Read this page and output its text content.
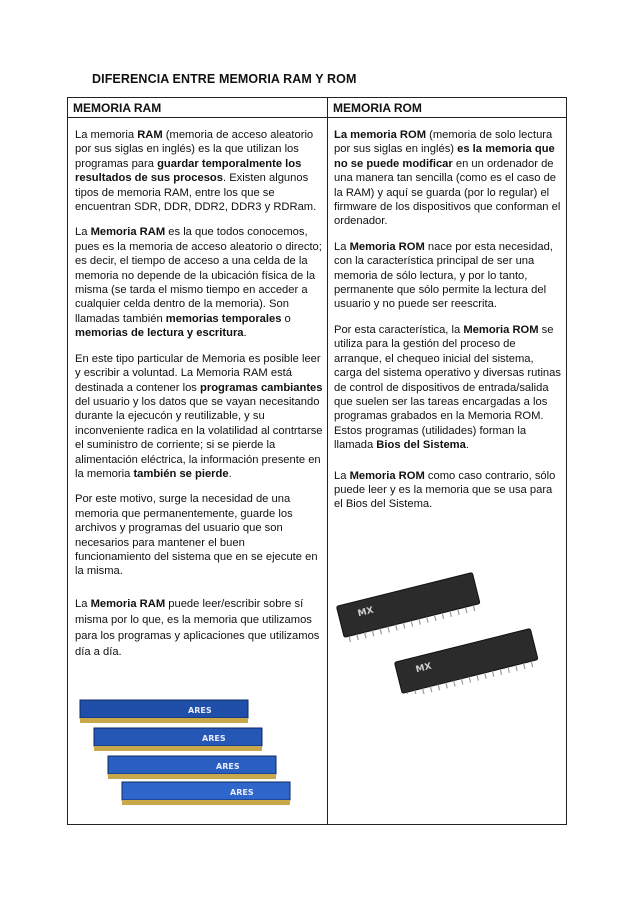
DIFERENCIA ENTRE MEMORIA RAM Y ROM
MEMORIA RAM	MEMORIA ROM

La memoria RAM (memoria de acceso aleatorio por sus siglas en inglés) es la que utilizan los programas para guardar temporalmente los resultados de sus procesos. Existen algunos tipos de memoria RAM, entre los que se encuentran SDR, DDR, DDR2, DDR3 y RDRam.

La Memoria RAM es la que todos conocemos, pues es la memoria de acceso aleatorio o directo; es decir, el tiempo de acceso a una celda de la memoria no depende de la ubicación física de la misma (se tarda el mismo tiempo en acceder a cualquier celda dentro de la memoria). Son llamadas también memorias temporales o memorias de lectura y escritura.

En este tipo particular de Memoria es posible leer y escribir a voluntad. La Memoria RAM está destinada a contener los programas cambiantes del usuario y los datos que se vayan necesitando durante la ejecucón y reutilizable, y su inconveniente radica en la volatilidad al contrtarse el suministro de corriente; si se pierde la alimentación eléctrica, la información presente en la memoria también se pierde.

Por este motivo, surge la necesidad de una memoria que permanentemente, guarde los archivos y programas del usuario que son necesarios para mantener el buen funcionamiento del sistema que en se ejecute en la misma.

La Memoria RAM puede leer/escribir sobre sí misma por lo que, es la memoria que utilizamos para los programas y aplicaciones que utilizamos día a día.

La memoria ROM (memoria de solo lectura por sus siglas en inglés) es la memoria que no se puede modificar en un ordenador de una manera tan sencilla (como es el caso de la RAM) y aquí se guarda (por lo regular) el firmware de los dispositivos que conforman el ordenador.

La Memoria ROM nace por esta necesidad, con la característica principal de ser una memoria de sólo lectura, y por lo tanto, permanente que sólo permite la lectura del usuario y no puede ser reescrita.

Por esta característica, la Memoria ROM se utiliza para la gestión del proceso de arranque, el chequeo inicial del sistema, carga del sistema operativo y diversas rutinas de control de dispositivos de entrada/salida que suelen ser las tareas encargadas a los programas grabados en la Memoria ROM. Estos programas (utilidades) forman la llamada Bios del Sistema.

La Memoria ROM como caso contrario, sólo puede leer y es la memoria que se usa para el Bios del Sistema.

ARES
ARES
ARES
ARES
MX
MX
